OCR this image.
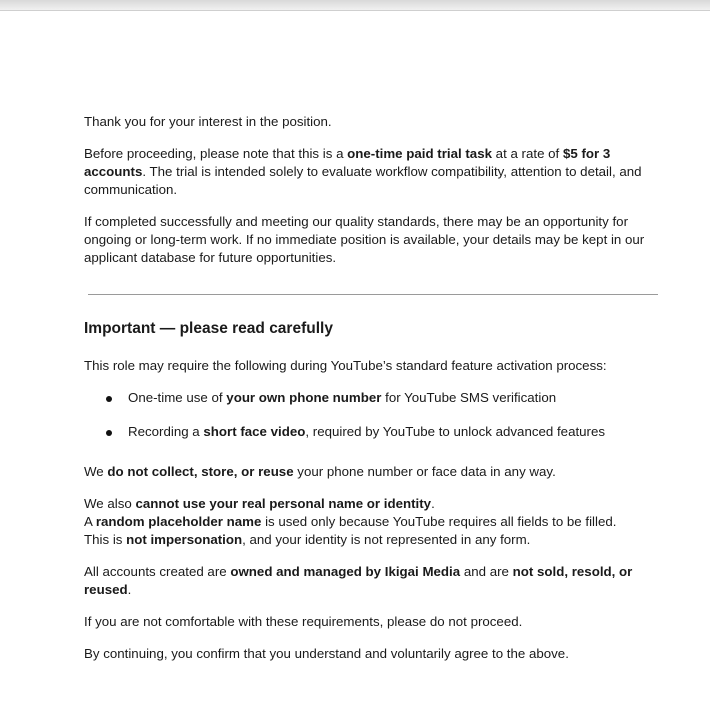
Thank you for your interest in the position.

Before proceeding, please note that this is a one-time paid trial task at a rate of $5 for 3 accounts. The trial is intended solely to evaluate workflow compatibility, attention to detail, and communication.

If completed successfully and meeting our quality standards, there may be an opportunity for ongoing or long-term work. If no immediate position is available, your details may be kept in our applicant database for future opportunities.

Important — please read carefully

This role may require the following during YouTube’s standard feature activation process:

One-time use of your own phone number for YouTube SMS verification
Recording a short face video, required by YouTube to unlock advanced features

We do not collect, store, or reuse your phone number or face data in any way.

We also cannot use your real personal name or identity.
A random placeholder name is used only because YouTube requires all fields to be filled.
This is not impersonation, and your identity is not represented in any form.

All accounts created are owned and managed by Ikigai Media and are not sold, resold, or reused.

If you are not comfortable with these requirements, please do not proceed.

By continuing, you confirm that you understand and voluntarily agree to the above.
